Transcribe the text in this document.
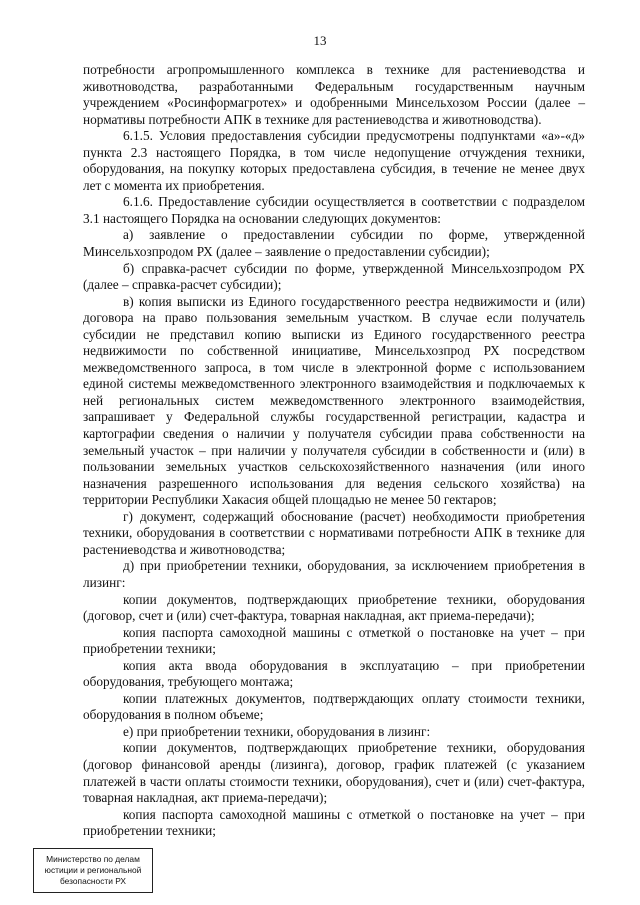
13

потребности агропромышленного комплекса в технике для растениеводства и животноводства, разработанными Федеральным государственным научным учреждением «Росинформагротех» и одобренными Минсельхозом России (далее – нормативы потребности АПК в технике для растениеводства и животноводства).

6.1.5. Условия предоставления субсидии предусмотрены подпунктами «а»-«д» пункта 2.3 настоящего Порядка, в том числе недопущение отчуждения техники, оборудования, на покупку которых предоставлена субсидия, в течение не менее двух лет с момента их приобретения.

6.1.6. Предоставление субсидии осуществляется в соответствии с подразделом 3.1 настоящего Порядка на основании следующих документов:

а) заявление о предоставлении субсидии по форме, утвержденной Минсельхозпродом РХ (далее – заявление о предоставлении субсидии);

б) справка-расчет субсидии по форме, утвержденной Минсельхозпродом РХ (далее – справка-расчет субсидии);

в) копия выписки из Единого государственного реестра недвижимости и (или) договора на право пользования земельным участком. В случае если получатель субсидии не представил копию выписки из Единого государственного реестра недвижимости по собственной инициативе, Минсельхозпрод РХ посредством межведомственного запроса, в том числе в электронной форме с использованием единой системы межведомственного электронного взаимодействия и подключаемых к ней региональных систем межведомственного электронного взаимодействия, запрашивает у Федеральной службы государственной регистрации, кадастра и картографии сведения о наличии у получателя субсидии права собственности на земельный участок – при наличии у получателя субсидии в собственности и (или) в пользовании земельных участков сельскохозяйственного назначения (или иного назначения разрешенного использования для ведения сельского хозяйства) на территории Республики Хакасия общей площадью не менее 50 гектаров;

г) документ, содержащий обоснование (расчет) необходимости приобретения техники, оборудования в соответствии с нормативами потребности АПК в технике для растениеводства и животноводства;

д) при приобретении техники, оборудования, за исключением приобретения в лизинг:

копии документов, подтверждающих приобретение техники, оборудования (договор, счет и (или) счет-фактура, товарная накладная, акт приема-передачи);

копия паспорта самоходной машины с отметкой о постановке на учет – при приобретении техники;

копия акта ввода оборудования в эксплуатацию – при приобретении оборудования, требующего монтажа;

копии платежных документов, подтверждающих оплату стоимости техники, оборудования в полном объеме;

е) при приобретении техники, оборудования в лизинг:

копии документов, подтверждающих приобретение техники, оборудования (договор финансовой аренды (лизинга), договор, график платежей (с указанием платежей в части оплаты стоимости техники, оборудования), счет и (или) счет-фактура, товарная накладная, акт приема-передачи);

копия паспорта самоходной машины с отметкой о постановке на учет – при приобретении техники;

Министерство по делам
юстиции и региональной
безопасности РХ
